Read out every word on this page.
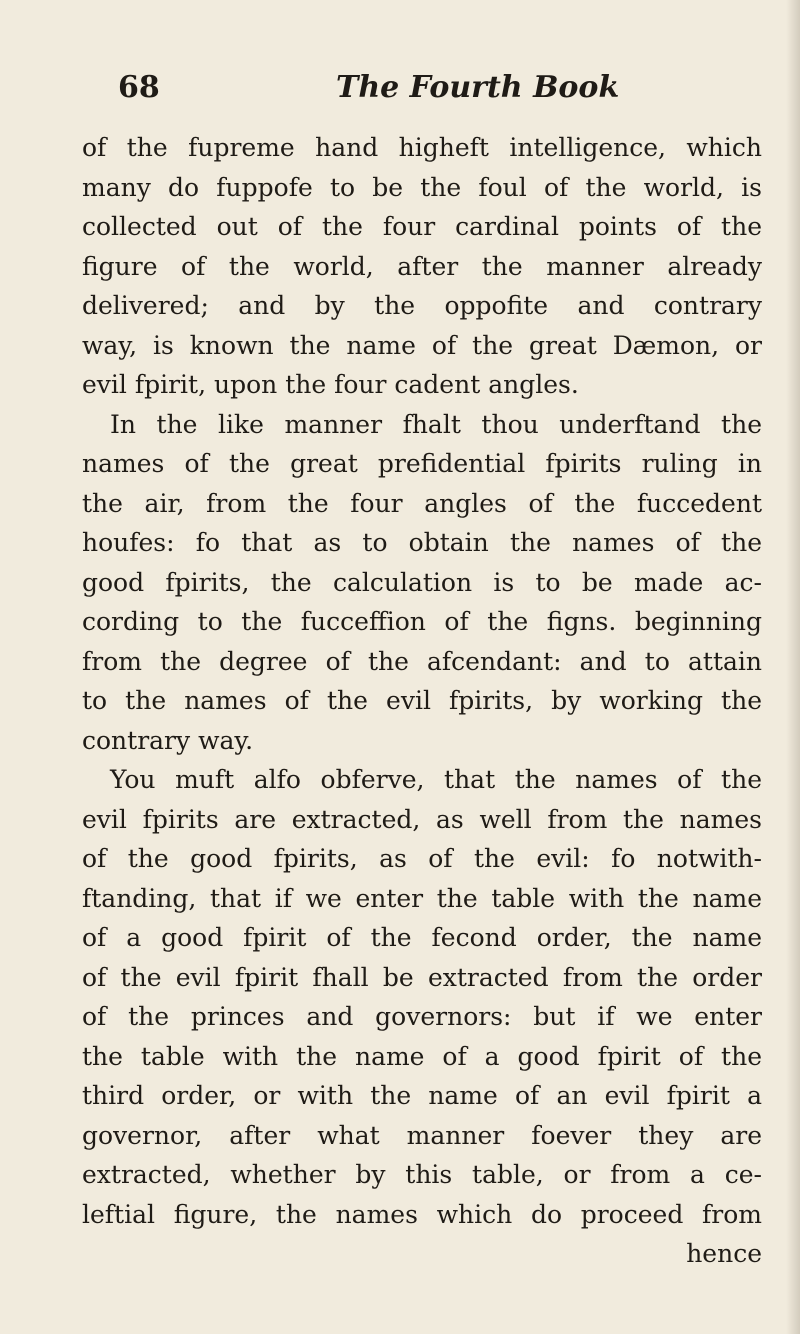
68	The Fourth Book
of the fupreme hand higheft intelligence, which
many do fuppofe to be the foul of the world, is
collected out of the four cardinal points of the
figure of the world, after the manner already
delivered; and by the oppofite and contrary
way, is known the name of the great Dæmon, or
evil fpirit, upon the four cadent angles.
In the like manner fhalt thou underftand the
names of the great prefidential fpirits ruling in
the air, from the four angles of the fuccedent
houfes: fo that as to obtain the names of the
good fpirits, the calculation is to be made ac-
cording to the fucceffion of the figns. beginning
from the degree of the afcendant: and to attain
to the names of the evil fpirits, by working the
contrary way.
You muft alfo obferve, that the names of the
evil fpirits are extracted, as well from the names
of the good fpirits, as of the evil: fo notwith-
ftanding, that if we enter the table with the name
of a good fpirit of the fecond order, the name
of the evil fpirit fhall be extracted from the order
of the princes and governors: but if we enter
the table with the name of a good fpirit of the
third order, or with the name of an evil fpirit a
governor, after what manner foever they are
extracted, whether by this table, or from a ce-
leftial figure, the names which do proceed from
hence
